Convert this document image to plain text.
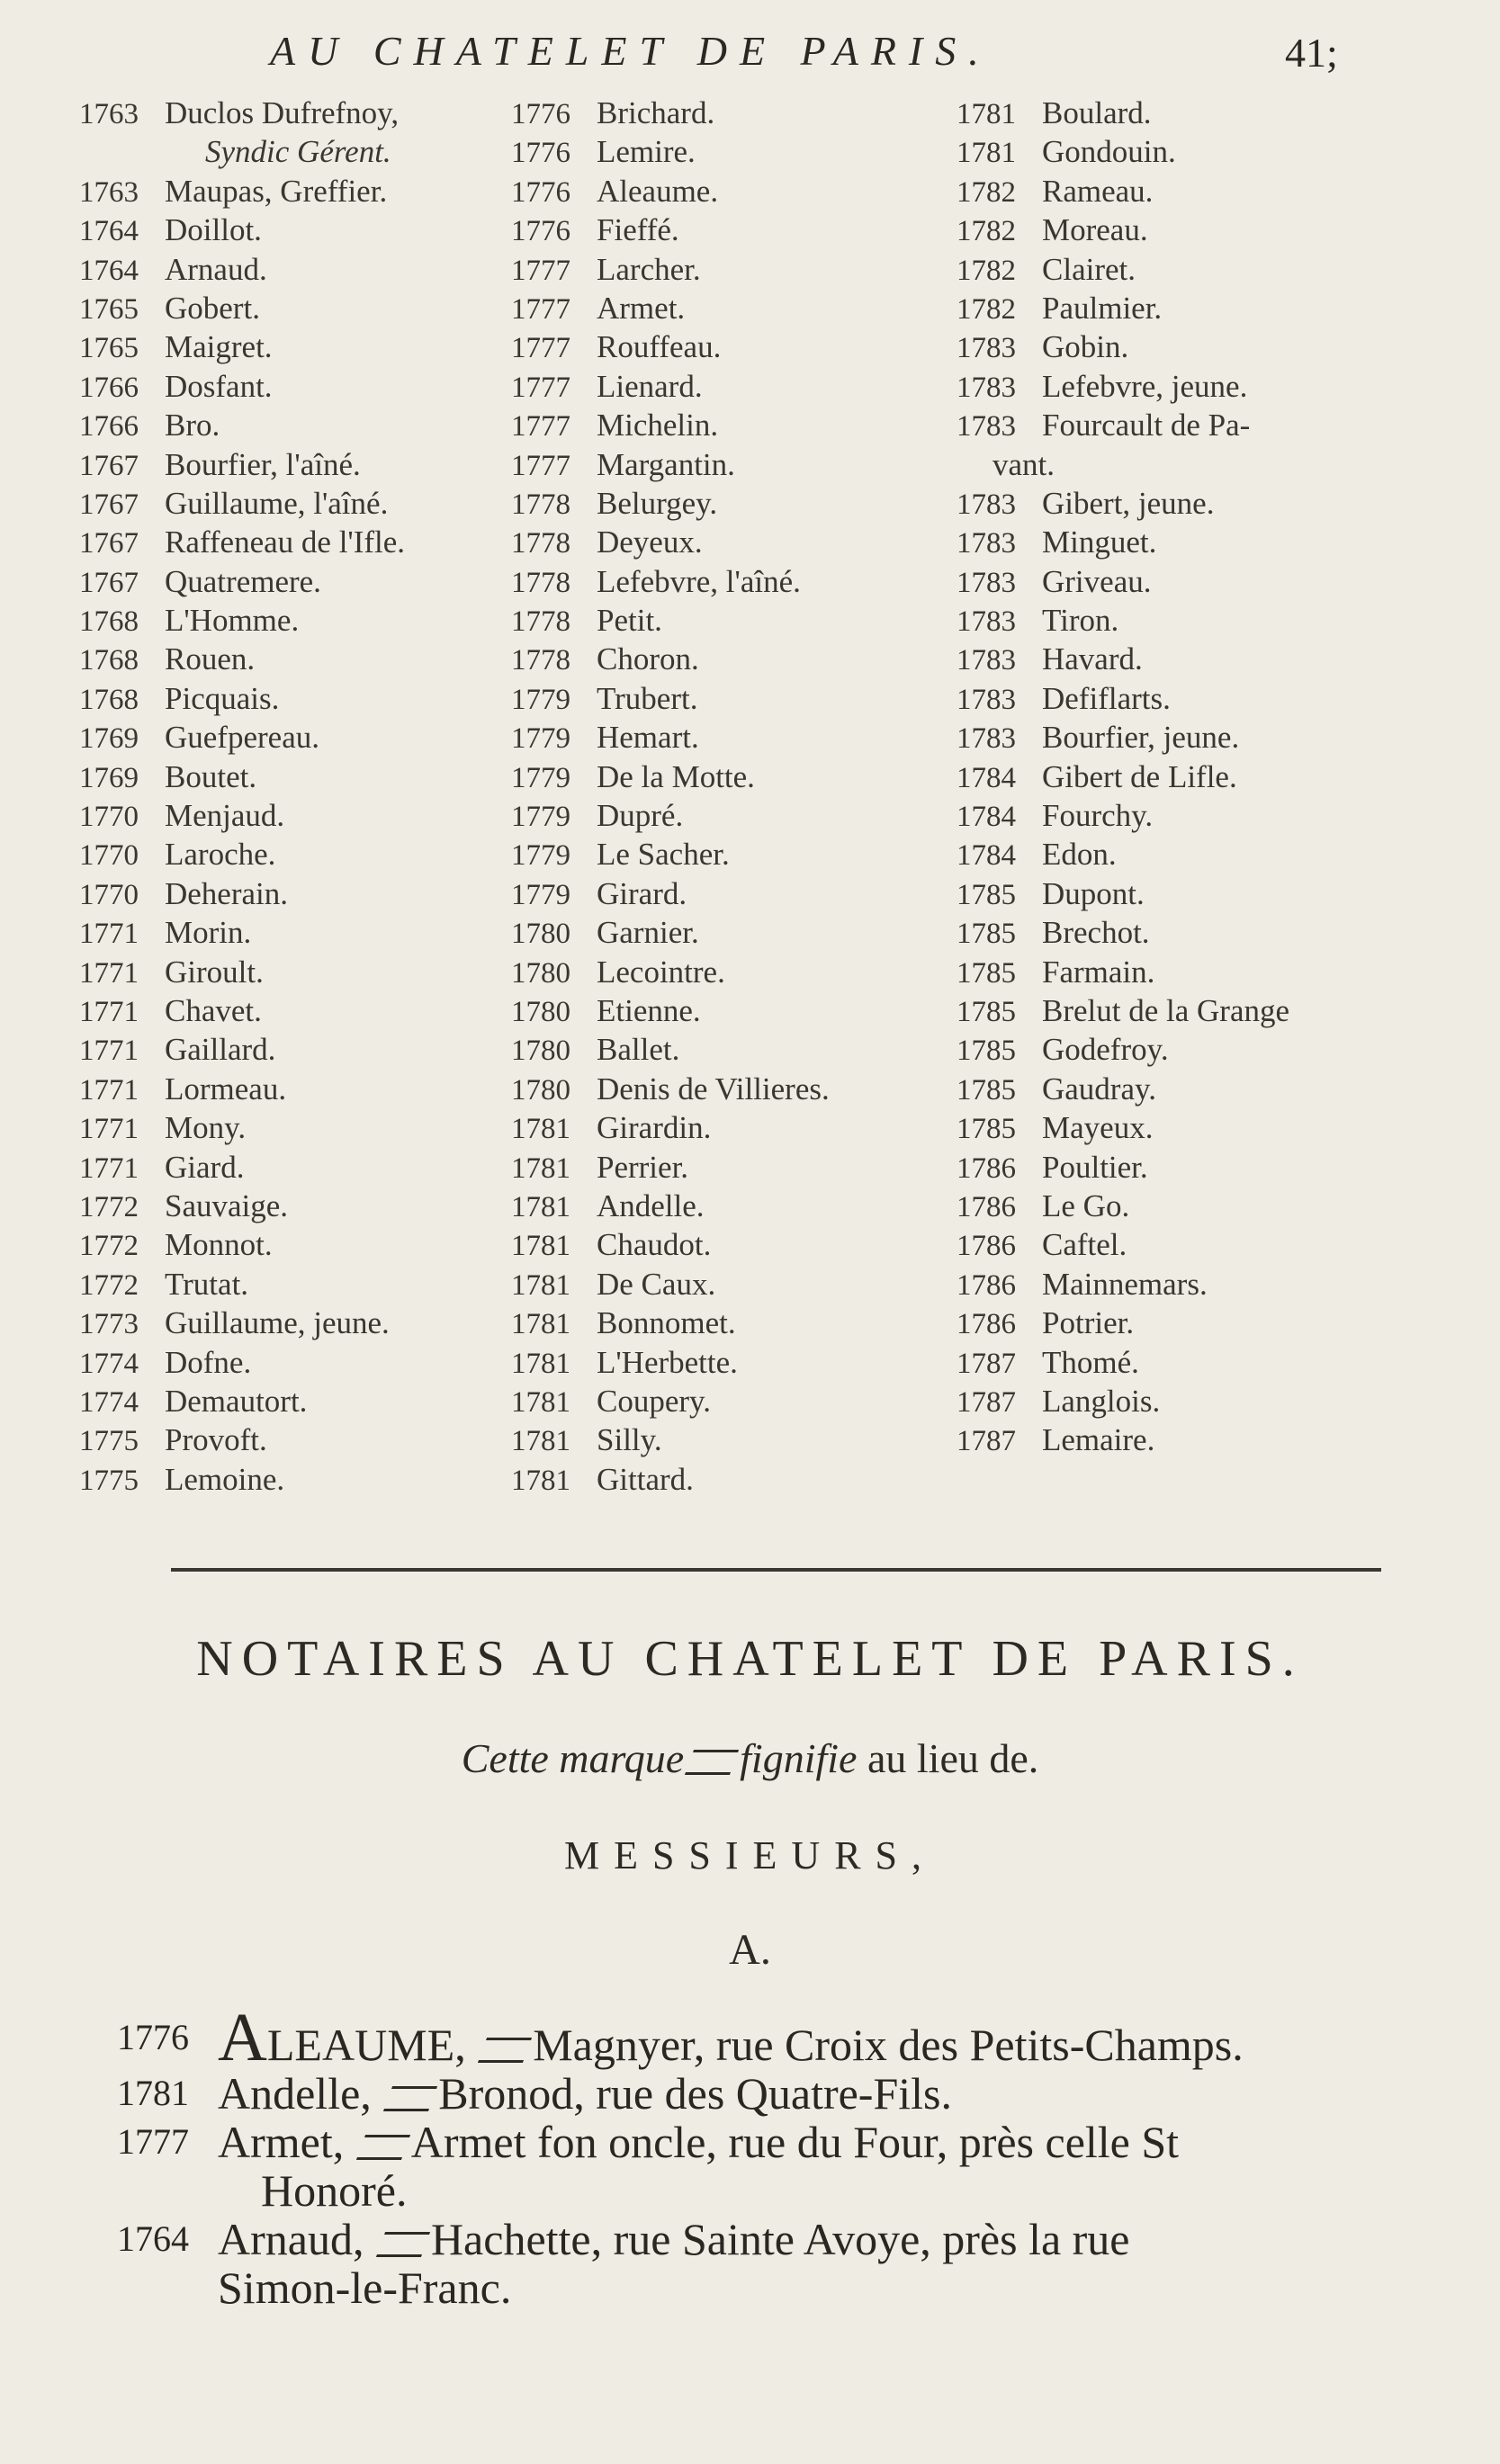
AU CHATELET DE PARIS.	41;
1763 Duclos Dufrefnoy,
Syndic Gérent.
1763 Maupas, Greffier.
1764 Doillot.
1764 Arnaud.
1765 Gobert.
1765 Maigret.
1766 Dosfant.
1766 Bro.
1767 Bourfier, l'aîné.
1767 Guillaume, l'aîné.
1767 Raffeneau de l'Ifle.
1767 Quatremere.
1768 L'Homme.
1768 Rouen.
1768 Picquais.
1769 Guefpereau.
1769 Boutet.
1770 Menjaud.
1770 Laroche.
1770 Deherain.
1771 Morin.
1771 Giroult.
1771 Chavet.
1771 Gaillard.
1771 Lormeau.
1771 Mony.
1771 Giard.
1772 Sauvaige.
1772 Monnot.
1772 Trutat.
1773 Guillaume, jeune.
1774 Dofne.
1774 Demautort.
1775 Provoft.
1775 Lemoine.
1776 Brichard.
1776 Lemire.
1776 Aleaume.
1776 Fieffé.
1777 Larcher.
1777 Armet.
1777 Rouffeau.
1777 Lienard.
1777 Michelin.
1777 Margantin.
1778 Belurgey.
1778 Deyeux.
1778 Lefebvre, l'aîné.
1778 Petit.
1778 Choron.
1779 Trubert.
1779 Hemart.
1779 De la Motte.
1779 Dupré.
1779 Le Sacher.
1779 Girard.
1780 Garnier.
1780 Lecointre.
1780 Etienne.
1780 Ballet.
1780 Denis de Villieres.
1781 Girardin.
1781 Perrier.
1781 Andelle.
1781 Chaudot.
1781 De Caux.
1781 Bonnomet.
1781 L'Herbette.
1781 Coupery.
1781 Silly.
1781 Gittard.
1781 Boulard.
1781 Gondouin.
1782 Rameau.
1782 Moreau.
1782 Clairet.
1782 Paulmier.
1783 Gobin.
1783 Lefebvre, jeune.
1783 Fourcault de Pa-
vant.
1783 Gibert, jeune.
1783 Minguet.
1783 Griveau.
1783 Tiron.
1783 Havard.
1783 Defiflarts.
1783 Bourfier, jeune.
1784 Gibert de Lifle.
1784 Fourchy.
1784 Edon.
1785 Dupont.
1785 Brechot.
1785 Farmain.
1785 Brelut de la Grange
1785 Godefroy.
1785 Gaudray.
1785 Mayeux.
1786 Poultier.
1786 Le Go.
1786 Caftel.
1786 Mainnemars.
1786 Potrier.
1787 Thomé.
1787 Langlois.
1787 Lemaire.
NOTAIRES AU CHATELET DE PARIS.
Cette marque fignifie au lieu de.
MESSIEURS,
A.
1776 ALEAUME, Magnyer, rue Croix des Petits-Champs.
1781 Andelle, Bronod, rue des Quatre-Fils.
1777 Armet, Armet fon oncle, rue du Four, près celle St
Honoré.
1764 Arnaud, Hachette, rue Sainte Avoye, près la rue
Simon-le-Franc.
